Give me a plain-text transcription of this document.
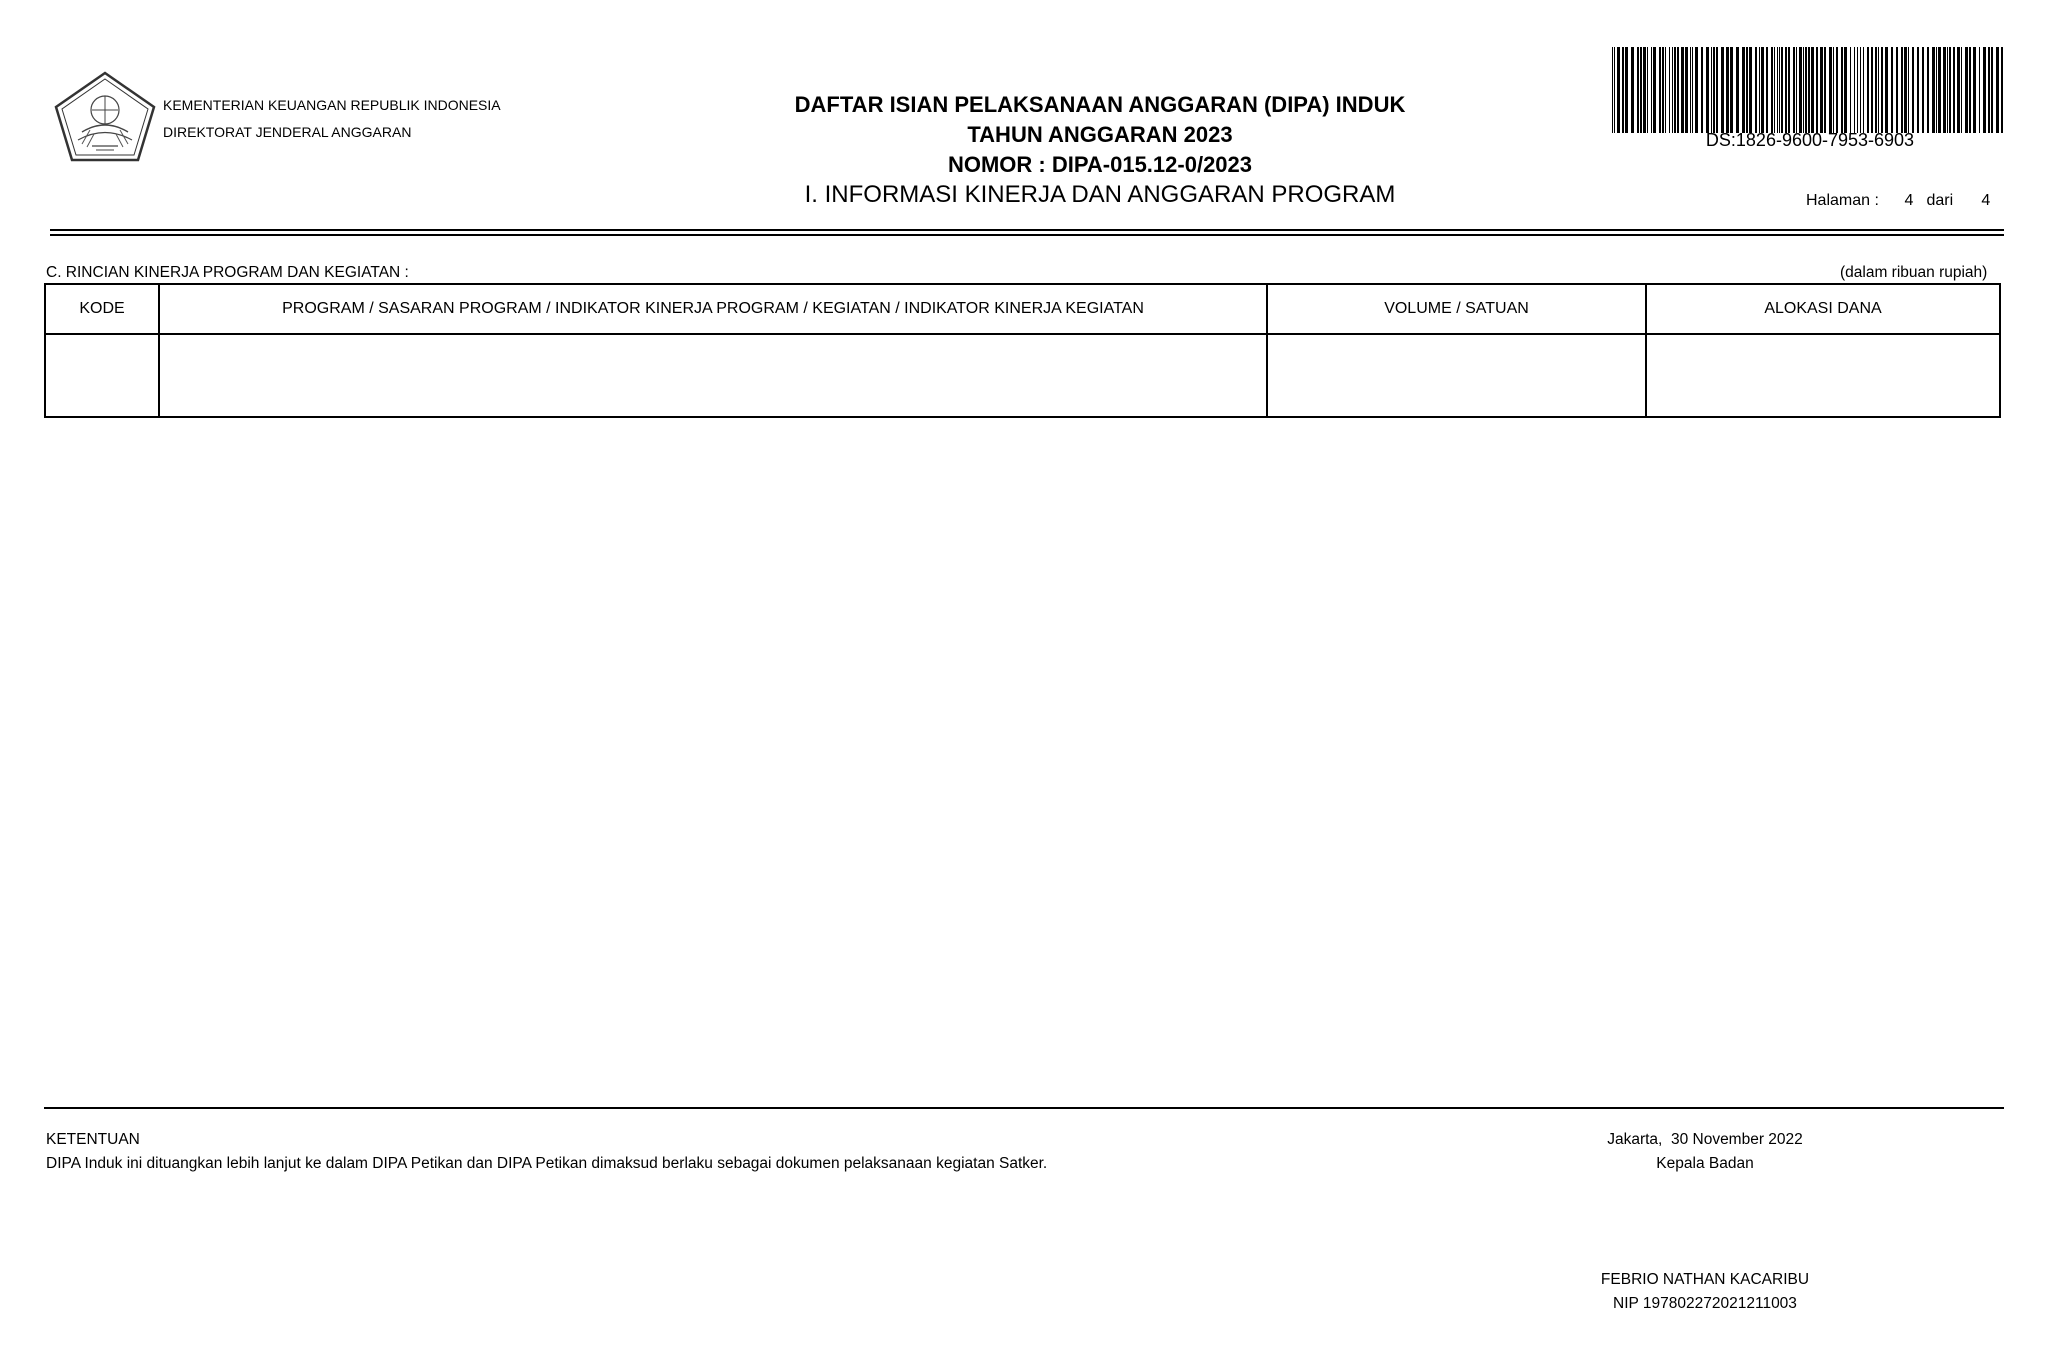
KEMENTERIAN KEUANGAN REPUBLIK INDONESIA
DIREKTORAT JENDERAL ANGGARAN
DAFTAR ISIAN PELAKSANAAN ANGGARAN (DIPA) INDUK
TAHUN ANGGARAN 2023
NOMOR : DIPA-015.12-0/2023
I. INFORMASI KINERJA DAN ANGGARAN PROGRAM
DS:1826-9600-7953-6903
Halaman : 4 dari 4
C. RINCIAN KINERJA PROGRAM DAN KEGIATAN :	(dalam ribuan rupiah)
KODE	PROGRAM / SASARAN PROGRAM / INDIKATOR KINERJA PROGRAM / KEGIATAN / INDIKATOR KINERJA KEGIATAN	VOLUME / SATUAN	ALOKASI DANA

KETENTUAN
DIPA Induk ini dituangkan lebih lanjut ke dalam DIPA Petikan dan DIPA Petikan dimaksud berlaku sebagai dokumen pelaksanaan kegiatan Satker.
Jakarta,  30 November 2022
Kepala Badan
FEBRIO NATHAN KACARIBU
NIP 197802272021211003
